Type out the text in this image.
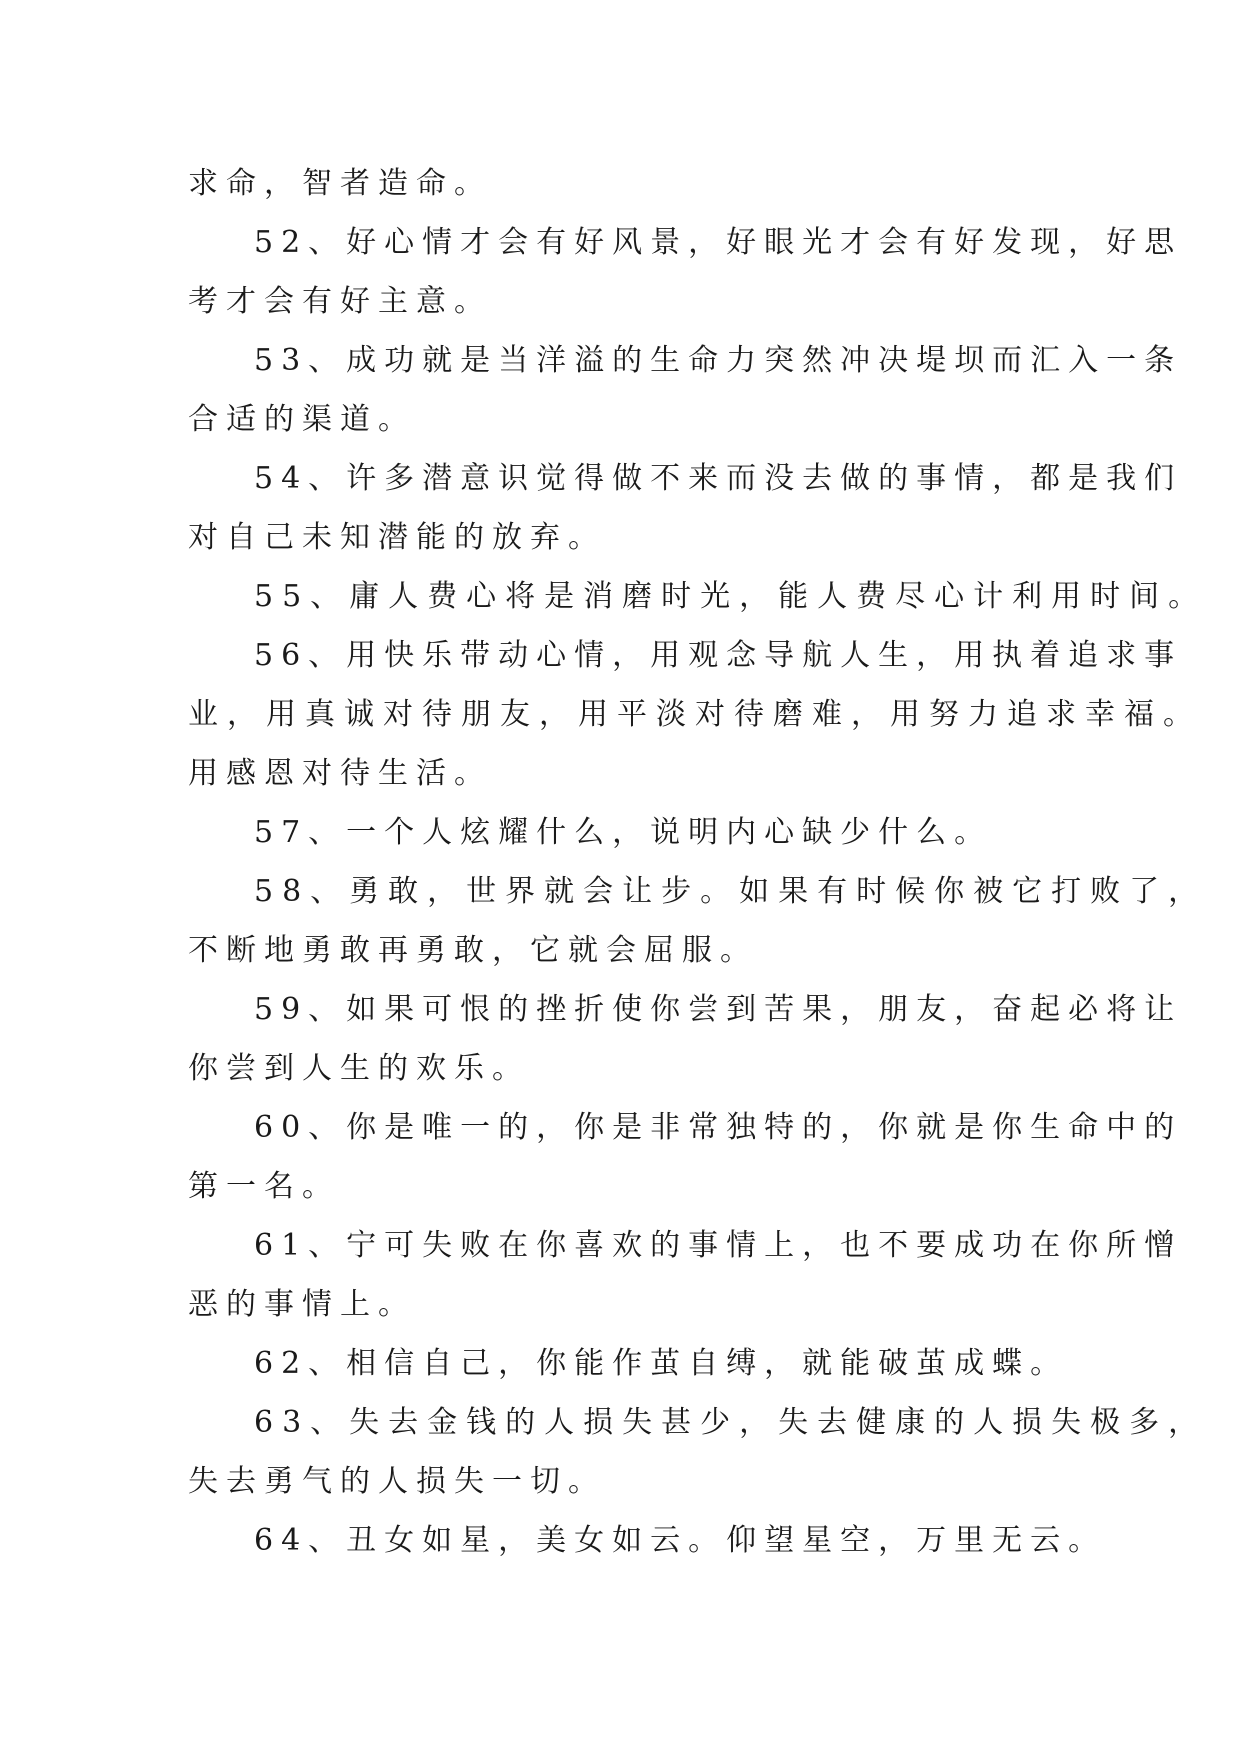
求命，智者造命。

52、好心情才会有好风景，好眼光才会有好发现，好思

考才会有好主意。

53、成功就是当洋溢的生命力突然冲决堤坝而汇入一条

合适的渠道。

54、许多潜意识觉得做不来而没去做的事情，都是我们

对自己未知潜能的放弃。

55、庸人费心将是消磨时光，能人费尽心计利用时间。

56、用快乐带动心情，用观念导航人生，用执着追求事

业，用真诚对待朋友，用平淡对待磨难，用努力追求幸福。

用感恩对待生活。

57、一个人炫耀什么，说明内心缺少什么。

58、勇敢，世界就会让步。如果有时候你被它打败了，

不断地勇敢再勇敢，它就会屈服。

59、如果可恨的挫折使你尝到苦果，朋友，奋起必将让

你尝到人生的欢乐。

60、你是唯一的，你是非常独特的，你就是你生命中的

第一名。

61、宁可失败在你喜欢的事情上，也不要成功在你所憎

恶的事情上。

62、相信自己，你能作茧自缚，就能破茧成蝶。

63、失去金钱的人损失甚少，失去健康的人损失极多，

失去勇气的人损失一切。

64、丑女如星，美女如云。仰望星空，万里无云。
